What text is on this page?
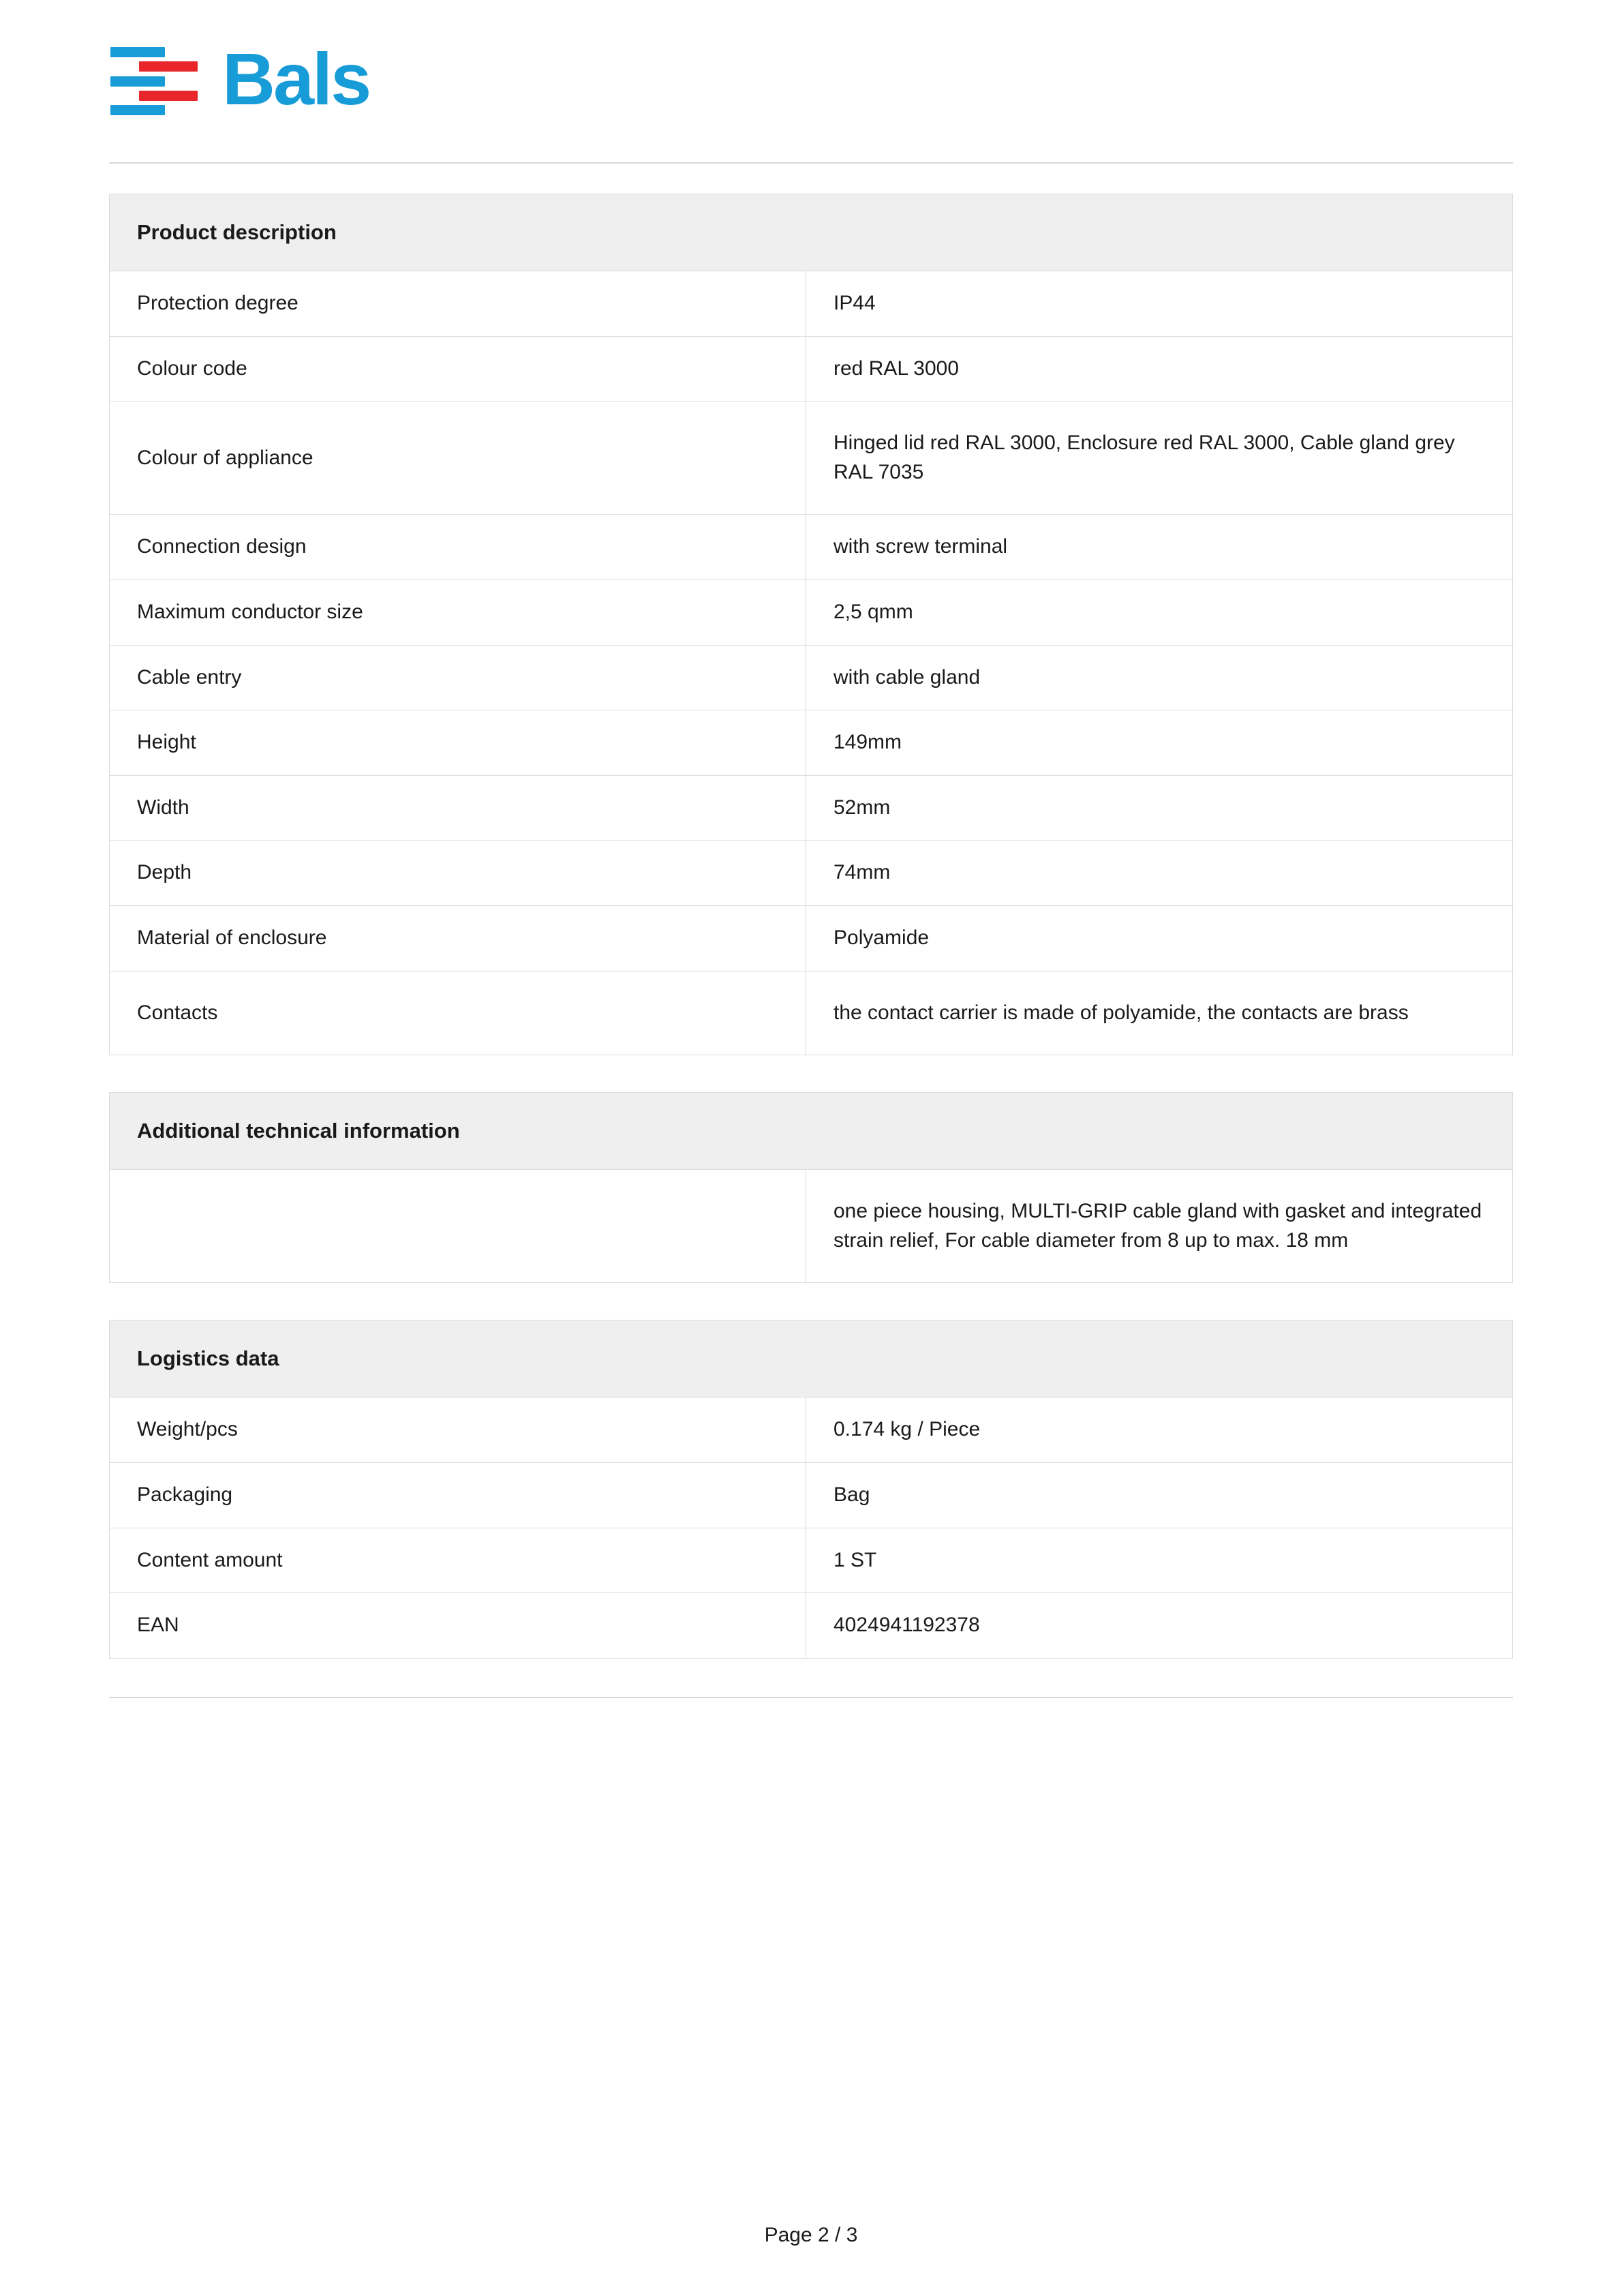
Bals
Product description	
Protection degree	IP44
Colour code	red RAL 3000
Colour of appliance	Hinged lid red RAL 3000, Enclosure red RAL 3000, Cable gland grey RAL 7035
Connection design	with screw terminal
Maximum conductor size	2,5 qmm
Cable entry	with cable gland
Height	149mm
Width	52mm
Depth	74mm
Material of enclosure	Polyamide
Contacts	the contact carrier is made of polyamide, the contacts are brass
Additional technical information
	one piece housing, MULTI-GRIP cable gland with gasket and integrated strain relief, For cable diameter from 8 up to max. 18 mm
Logistics data	
Weight/pcs	0.174 kg / Piece
Packaging	Bag
Content amount	1 ST
EAN	4024941192378
Page 2 / 3
